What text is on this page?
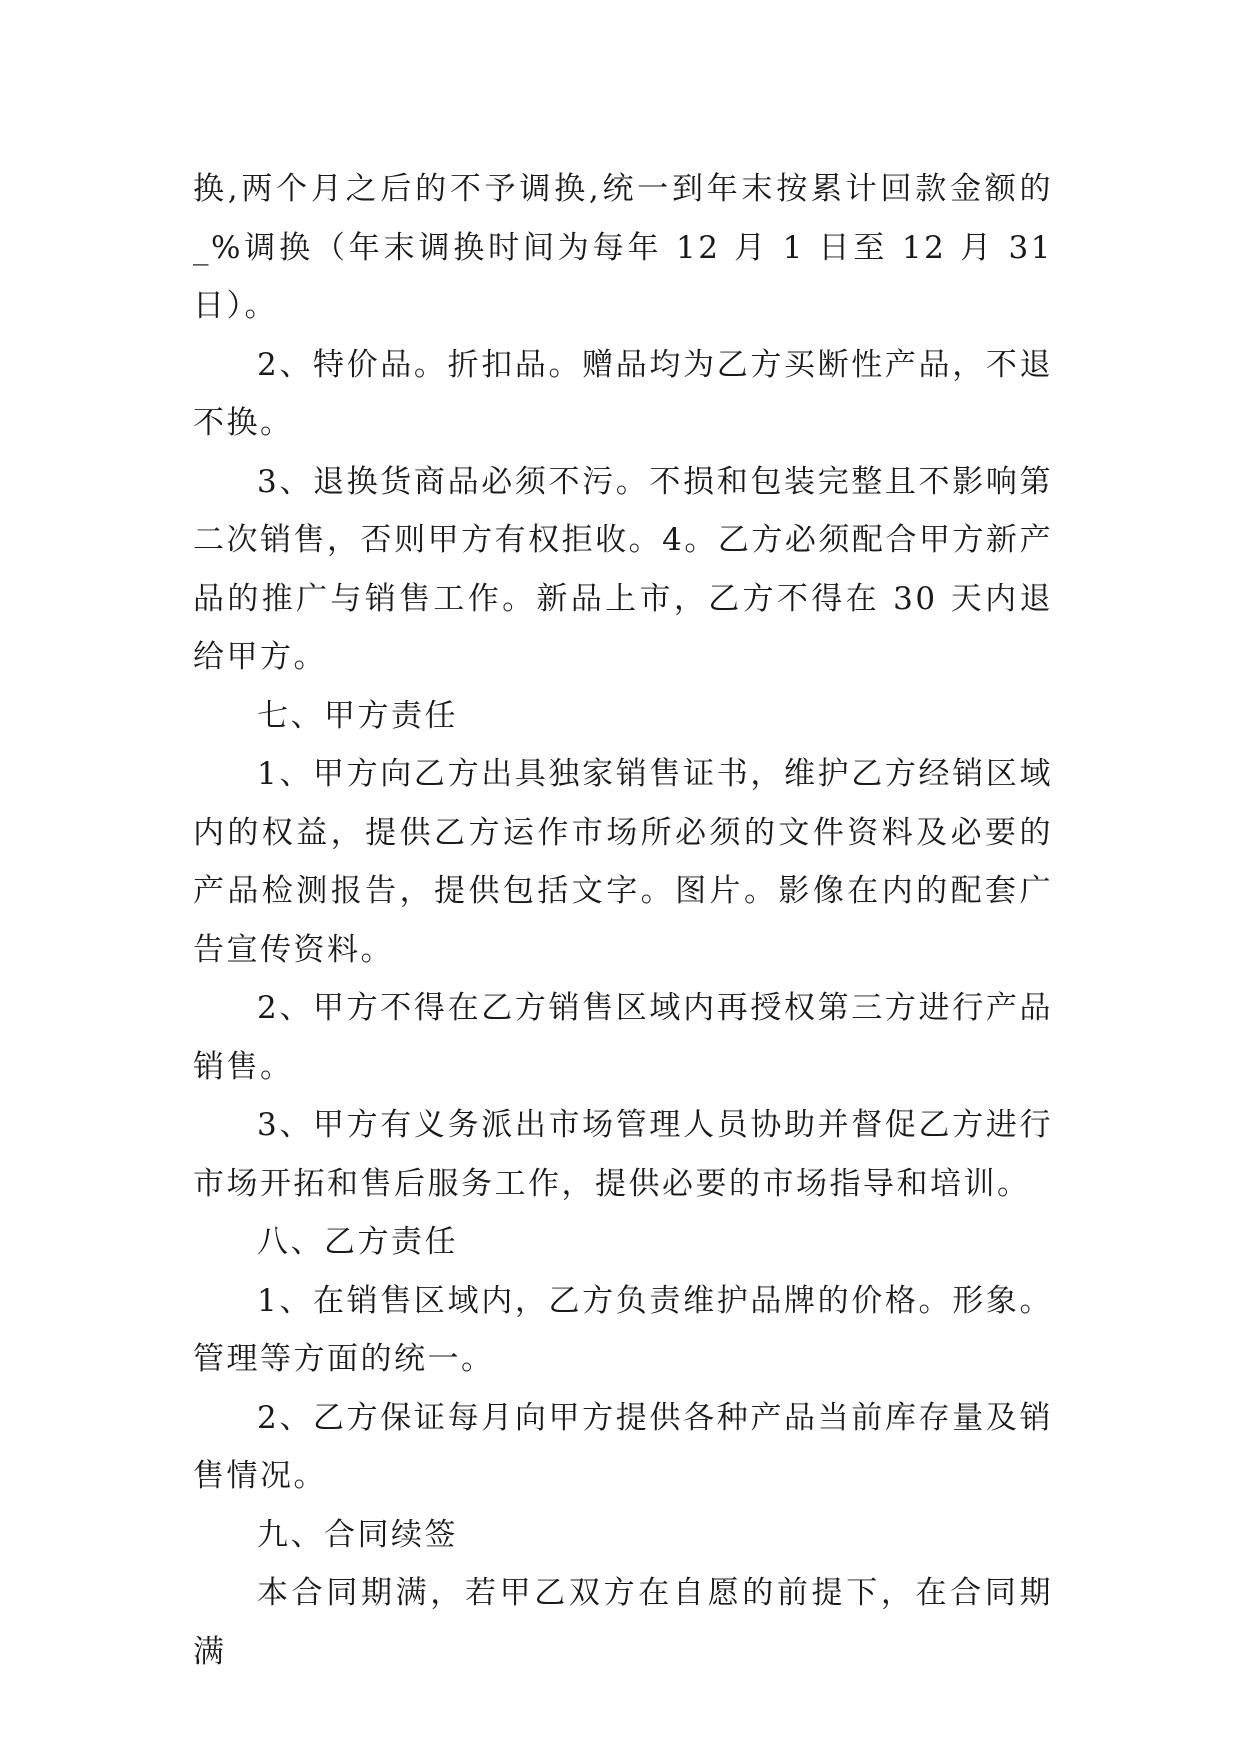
换,两个月之后的不予调换,统一到年末按累计回款金额的_%调换（年末调换时间为每年 12 月 1 日至 12 月 31 日）。

2、特价品。折扣品。赠品均为乙方买断性产品，不退不换。

3、退换货商品必须不污。不损和包装完整且不影响第二次销售，否则甲方有权拒收。4。乙方必须配合甲方新产品的推广与销售工作。新品上市，乙方不得在 30 天内退给甲方。

七、甲方责任

1、甲方向乙方出具独家销售证书，维护乙方经销区域内的权益，提供乙方运作市场所必须的文件资料及必要的产品检测报告，提供包括文字。图片。影像在内的配套广告宣传资料。

2、甲方不得在乙方销售区域内再授权第三方进行产品销售。

3、甲方有义务派出市场管理人员协助并督促乙方进行市场开拓和售后服务工作，提供必要的市场指导和培训。

八、乙方责任

1、在销售区域内，乙方负责维护品牌的价格。形象。管理等方面的统一。

2、乙方保证每月向甲方提供各种产品当前库存量及销售情况。

九、合同续签

本合同期满，若甲乙双方在自愿的前提下，在合同期满
